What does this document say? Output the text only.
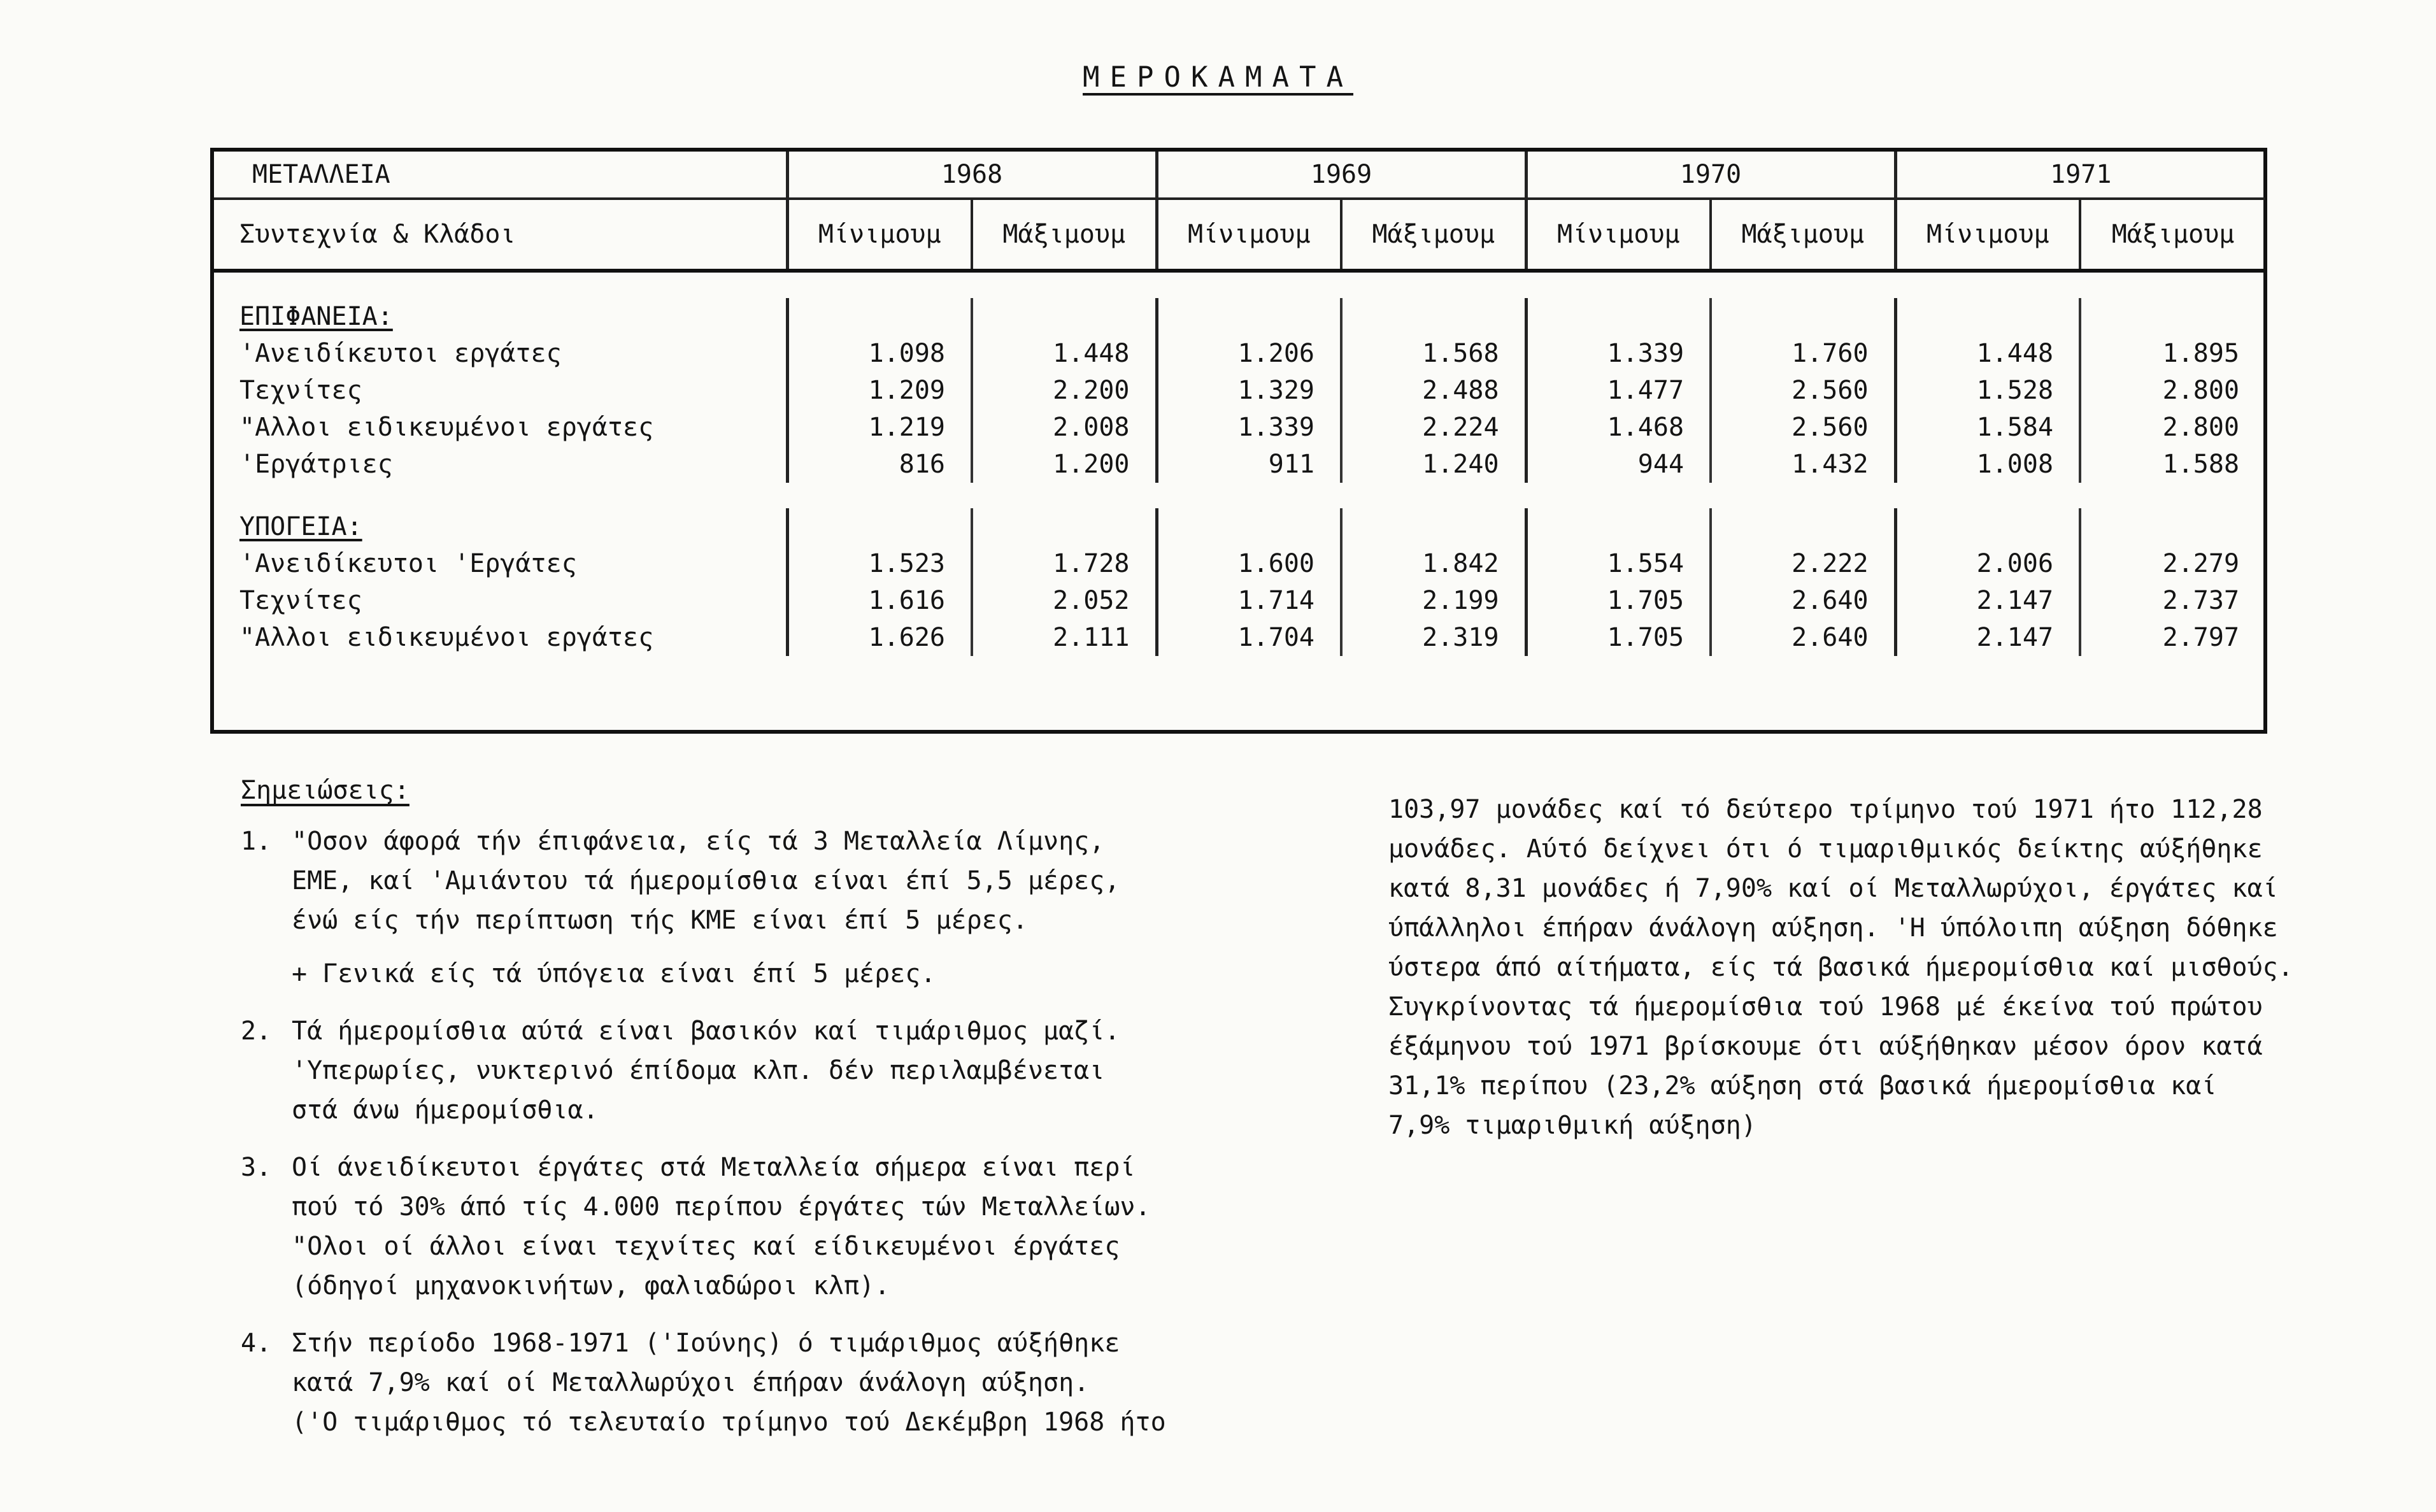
ΜΕΡΟΚΑΜΑΤΑ
ΜΕΤΑΛΛΕΙΑ	1968		1969		1970		1971	
Συντεχνία & Κλάδοι	Μίνιμουμ	Μάξιμουμ	Μίνιμουμ	Μάξιμουμ	Μίνιμουμ	Μάξιμουμ	Μίνιμουμ	Μάξιμουμ

ΕΠΙΦΑΝΕΙΑ:								
'Ανειδίκευτοι εργάτες	1.098	1.448	1.206	1.568	1.339	1.760	1.448	1.895
Τεχνίτες	1.209	2.200	1.329	2.488	1.477	2.560	1.528	2.800
"Αλλοι ειδικευμένοι εργάτες	1.219	2.008	1.339	2.224	1.468	2.560	1.584	2.800
'Εργάτριες	816	1.200	911	1.240	944	1.432	1.008	1.588

ΥΠΟΓΕΙΑ:								
'Ανειδίκευτοι 'Εργάτες	1.523	1.728	1.600	1.842	1.554	2.222	2.006	2.279
Τεχνίτες	1.616	2.052	1.714	2.199	1.705	2.640	2.147	2.737
"Αλλοι ειδικευμένοι εργάτες	1.626	2.111	1.704	2.319	1.705	2.640	2.147	2.797

Σημειώσεις:
1. "Οσον άφορά τήν έπιφάνεια, είς τά 3 Μεταλλεία Λίμνης,
ΕΜΕ, καί 'Αμιάντου τά ήμερομίσθια είναι έπί 5,5 μέρες,
ένώ είς τήν περίπτωση τής ΚΜΕ είναι έπί 5 μέρες.
+ Γενικά είς τά ύπόγεια είναι έπί 5 μέρες.
2. Τά ήμερομίσθια αύτά είναι βασικόν καί τιμάριθμος μαζί.
'Υπερωρίες, νυκτερινό έπίδομα κλπ. δέν περιλαμβένεται
στά άνω ήμερομίσθια.
3. Οί άνειδίκευτοι έργάτες στά Μεταλλεία σήμερα είναι περί
πού τό 30% άπό τίς 4.000 περίπου έργάτες τών Μεταλλείων.
"Ολοι οί άλλοι είναι τεχνίτες καί είδικευμένοι έργάτες
(όδηγοί μηχανοκινήτων, φαλιαδώροι κλπ).
4. Στήν περίοδο 1968-1971 ('Ιούνης) ό τιμάριθμος αύξήθηκε
κατά 7,9% καί οί Μεταλλωρύχοι έπήραν άνάλογη αύξηση.
('Ο τιμάριθμος τό τελευταίο τρίμηνο τού Δεκέμβρη 1968 ήτο
103,97 μονάδες καί τό δεύτερο τρίμηνο τού 1971 ήτο 112,28
μονάδες. Αύτό δείχνει ότι ό τιμαριθμικός δείκτης αύξήθηκε
κατά 8,31 μονάδες ή 7,90% καί οί Μεταλλωρύχοι, έργάτες καί
ύπάλληλοι έπήραν άνάλογη αύξηση. 'Η ύπόλοιπη αύξηση δόθηκε
ύστερα άπό αίτήματα, είς τά βασικά ήμερομίσθια καί μισθούς.
Συγκρίνοντας τά ήμερομίσθια τού 1968 μέ έκείνα τού πρώτου
έξάμηνου τού 1971 βρίσκουμε ότι αύξήθηκαν μέσον όρον κατά
31,1% περίπου (23,2% αύξηση στά βασικά ήμερομίσθια καί
7,9% τιμαριθμική αύξηση)
